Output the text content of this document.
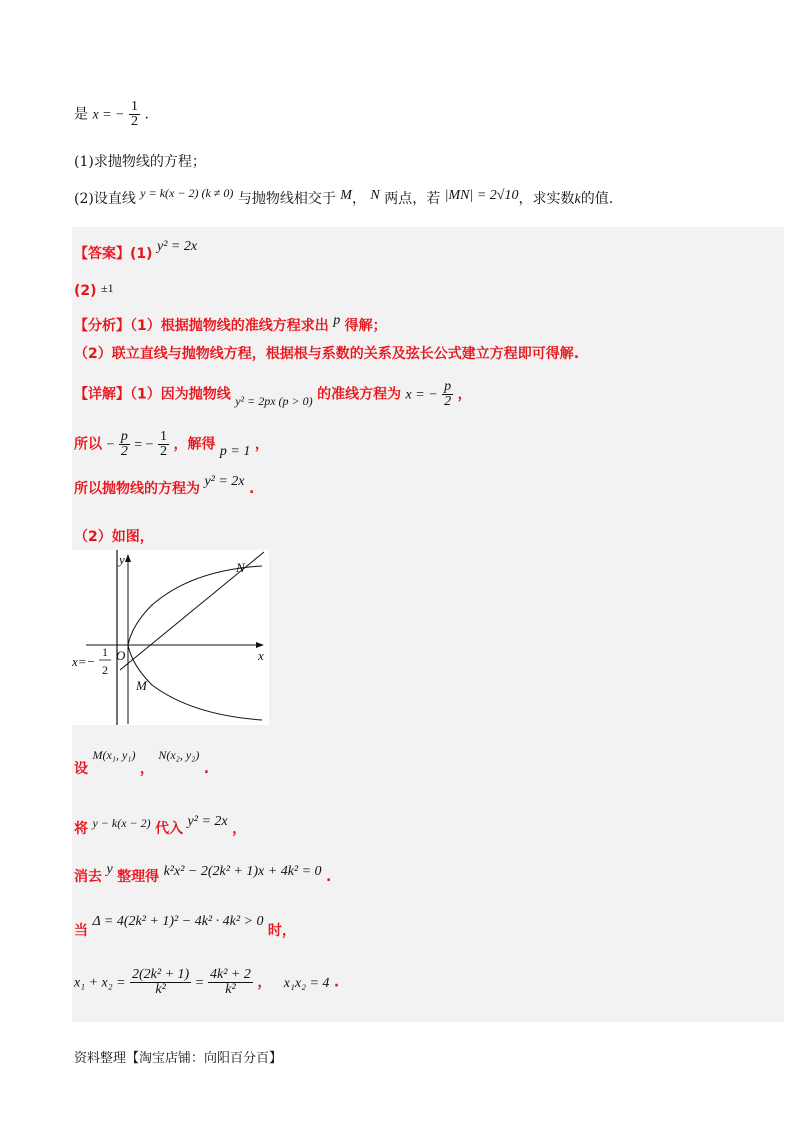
是 x = − $\frac{1}{2}$ .
(1)求抛物线的方程；
(2)设直线 y = k(x − 2) (k ≠ 0) 与抛物线相交于 M， N 两点，若 |MN| = 2√10，求实数k的值.
【答案】(1) y² = 2x
(2) ±1
【分析】（1）根据抛物线的准线方程求出 p 得解；
（2）联立直线与抛物线方程，根据根与系数的关系及弦长公式建立方程即可得解.
【详解】（1）因为抛物线 y² = 2px (p > 0) 的准线方程为 x = − $\frac{p}{2}$ ，
所以 − $\frac{p}{2}$ = − $\frac{1}{2}$ ，解得 p = 1 ，
所以抛物线的方程为 y² = 2x .
（2）如图，
y
x
O
N
M
x=−
1
2
设 M(x₁, y₁) ， N(x₂, y₂) .
将 y − k(x − 2) 代入 y² = 2x ，
消去 y 整理得 k²x² − 2(2k² + 1)x + 4k² = 0 .
当 Δ = 4(2k² + 1)² − 4k² · 4k² > 0 时，
$x_1 + x_2 = \frac{\text{2(2k² + 1)}}{\text{k²}} = \frac{\text{4k² + 2}}{\text{k²}}$ ， x₁x₂ = 4 .
资料整理【淘宝店铺：向阳百分百】
